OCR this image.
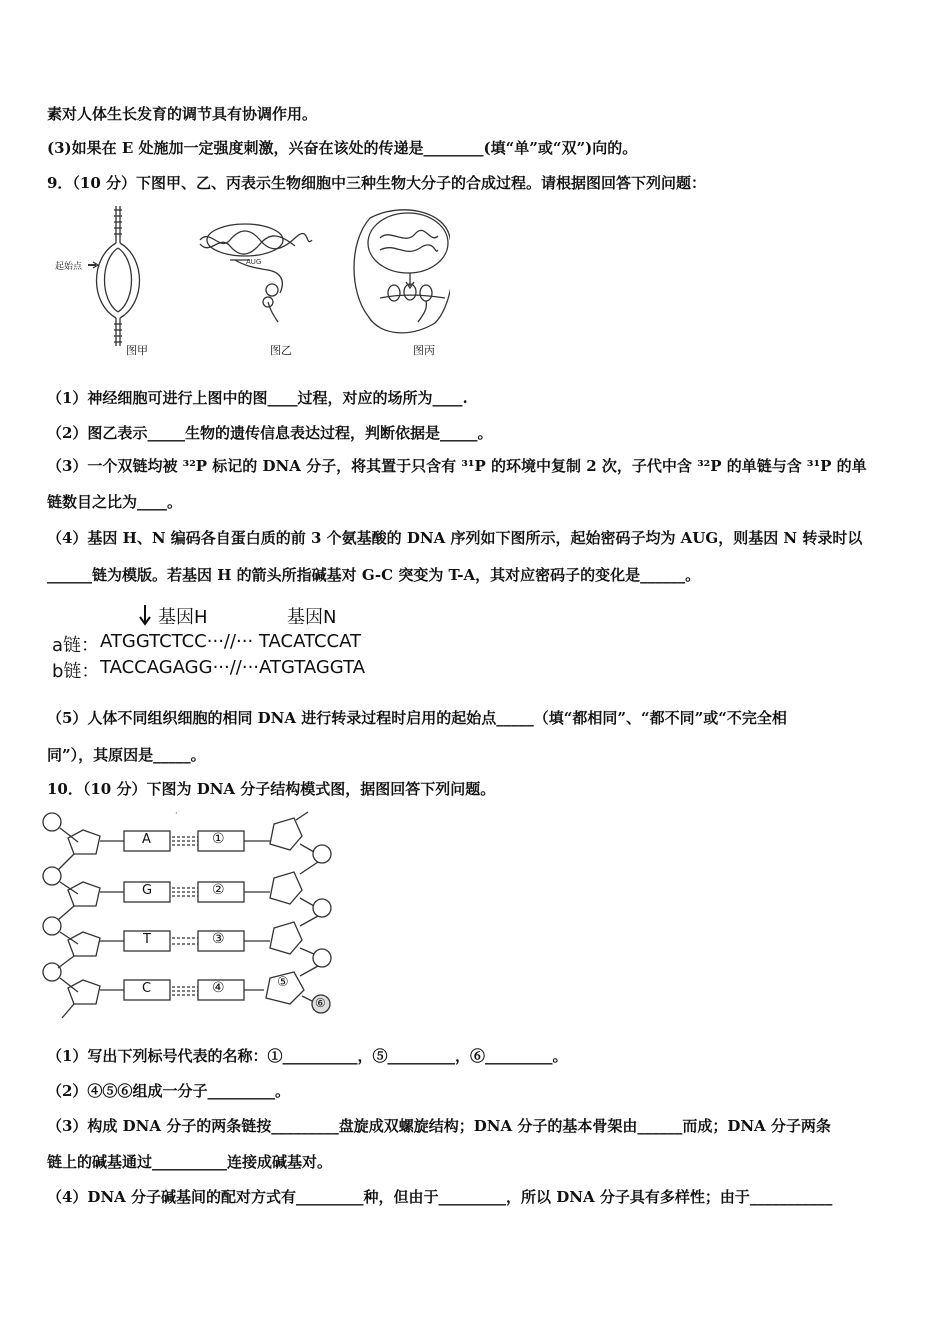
素对人体生长发育的调节具有协调作用。
(3)如果在 E 处施加一定强度刺激，兴奋在该处的传递是________(填“单”或“双”)向的。
9．（10 分）下图甲、乙、丙表示生物细胞中三种生物大分子的合成过程。请根据图回答下列问题：
起始点	AUG
图甲	图乙	图丙
（1）神经细胞可进行上图中的图____过程，对应的场所为____.
（2）图乙表示_____生物的遗传信息表达过程，判断依据是_____。
（3）一个双链均被 ³²P 标记的 DNA 分子，将其置于只含有 ³¹P 的环境中复制 2 次，子代中含 ³²P 的单链与含 ³¹P 的单
链数目之比为____。
（4）基因 H、N 编码各自蛋白质的前 3 个氨基酸的 DNA 序列如下图所示，起始密码子均为 AUG，则基因 N 转录时以
______链为模版。若基因 H 的箭头所指碱基对 G-C 突变为 T-A，其对应密码子的变化是______。
基因H	基因N
a链： ATGGTCTCC···//··· TACATCCAT
b链： TACCAGAGG···//···ATGTAGGTA
（5）人体不同组织细胞的相同 DNA 进行转录过程时启用的起始点_____（填“都相同”、“都不同”或“不完全相
同”），其原因是_____。
10．（10 分）下图为 DNA 分子结构模式图，据图回答下列问题。
·
A
G
T
C
①
②
③
④	⑤
⑥
（1）写出下列标号代表的名称：①__________，⑤_________，⑥_________。
（2）④⑤⑥组成一分子_________。
（3）构成 DNA 分子的两条链按_________盘旋成双螺旋结构；DNA 分子的基本骨架由______而成；DNA 分子两条
链上的碱基通过__________连接成碱基对。
（4）DNA 分子碱基间的配对方式有_________种，但由于_________，所以 DNA 分子具有多样性；由于___________
